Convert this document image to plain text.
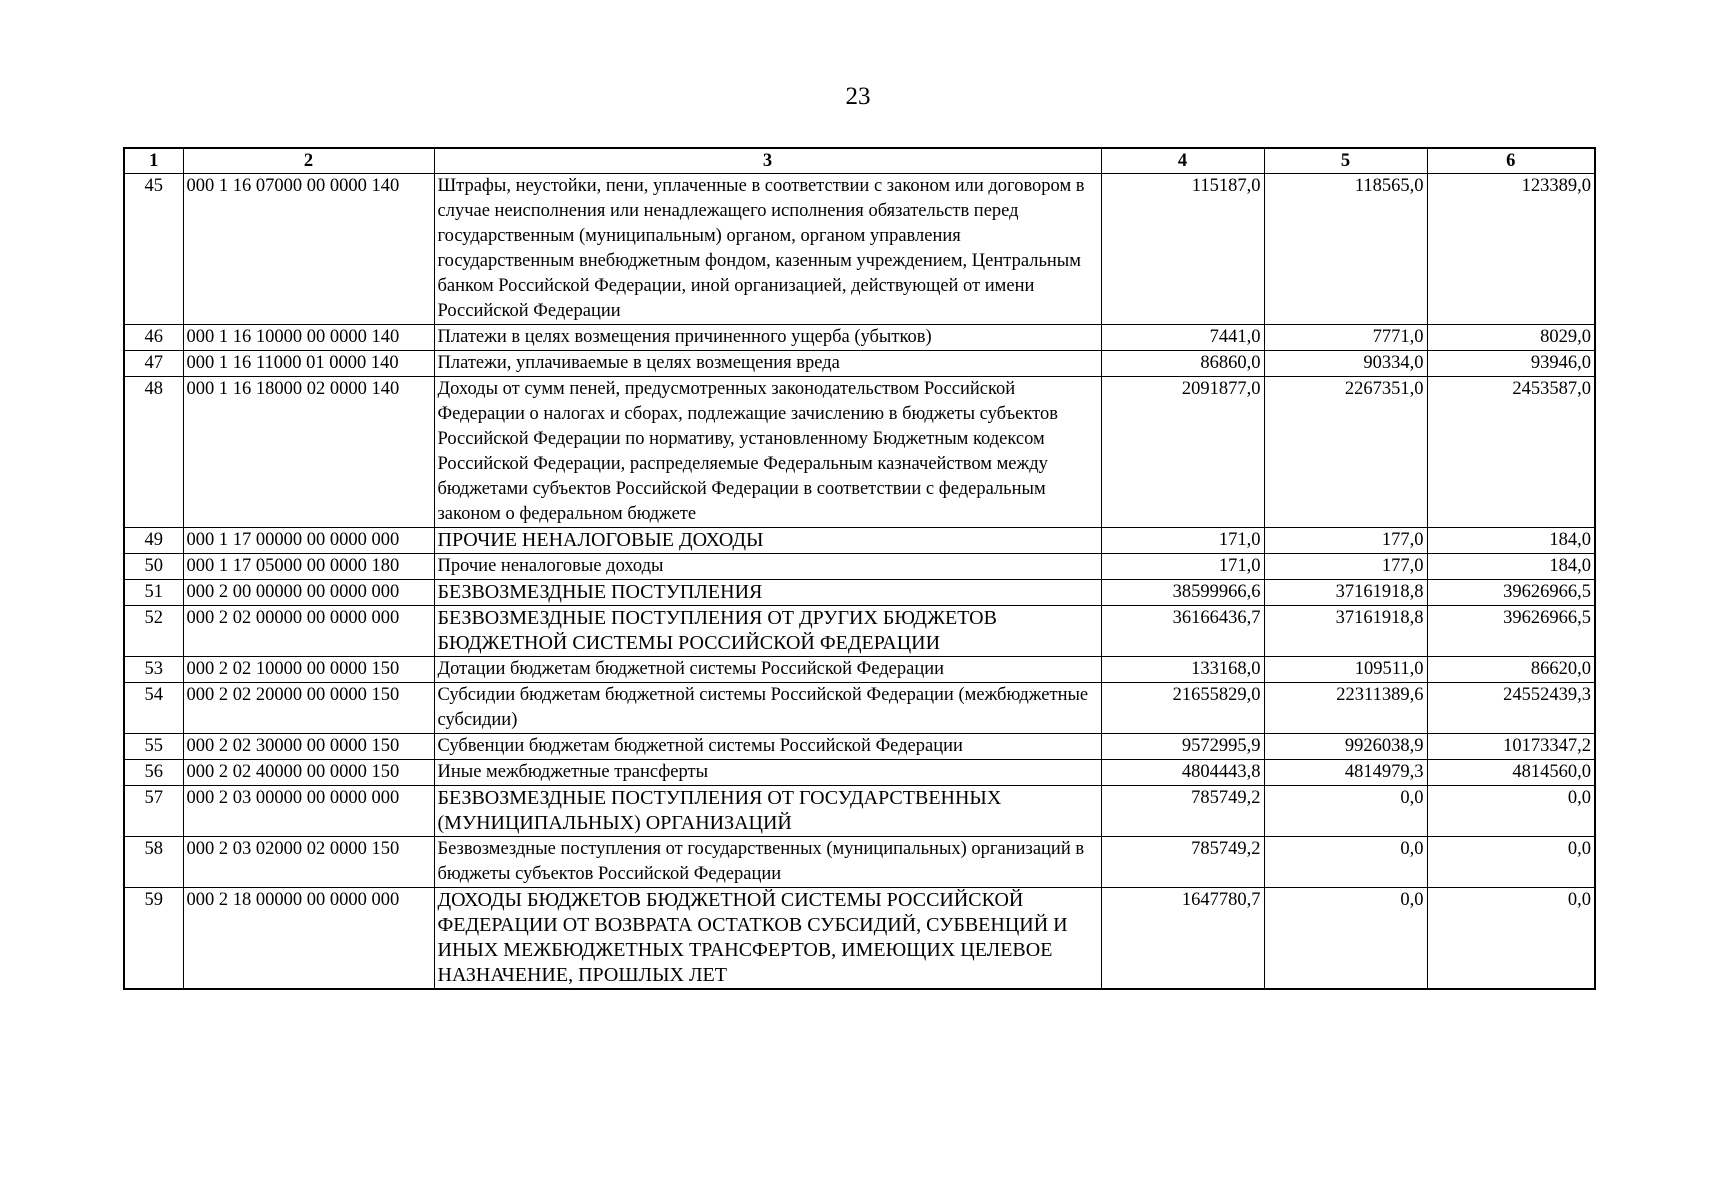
23
1	2	3	4	5	6
45	000 1 16 07000 00 0000 140	Штрафы, неустойки, пени, уплаченные в соответствии с законом или договором в случае неисполнения или ненадлежащего исполнения обязательств перед государственным (муниципальным) органом, органом управления государственным внебюджетным фондом, казенным учреждением, Центральным банком Российской Федерации, иной организацией, действующей от имени Российской Федерации	115187,0	118565,0	123389,0
46	000 1 16 10000 00 0000 140	Платежи в целях возмещения причиненного ущерба (убытков)	7441,0	7771,0	8029,0
47	000 1 16 11000 01 0000 140	Платежи, уплачиваемые в целях возмещения вреда	86860,0	90334,0	93946,0
48	000 1 16 18000 02 0000 140	Доходы от сумм пеней, предусмотренных законодательством Российской Федерации о налогах и сборах, подлежащие зачислению в бюджеты субъектов Российской Федерации по нормативу, установленному Бюджетным кодексом Российской Федерации, распределяемые Федеральным казначейством между бюджетами субъектов Российской Федерации в соответствии с федеральным законом о федеральном бюджете	2091877,0	2267351,0	2453587,0
49	000 1 17 00000 00 0000 000	ПРОЧИЕ НЕНАЛОГОВЫЕ ДОХОДЫ	171,0	177,0	184,0
50	000 1 17 05000 00 0000 180	Прочие неналоговые доходы	171,0	177,0	184,0
51	000 2 00 00000 00 0000 000	БЕЗВОЗМЕЗДНЫЕ ПОСТУПЛЕНИЯ	38599966,6	37161918,8	39626966,5
52	000 2 02 00000 00 0000 000	БЕЗВОЗМЕЗДНЫЕ ПОСТУПЛЕНИЯ ОТ ДРУГИХ БЮДЖЕТОВ БЮДЖЕТНОЙ СИСТЕМЫ РОССИЙСКОЙ ФЕДЕРАЦИИ	36166436,7	37161918,8	39626966,5
53	000 2 02 10000 00 0000 150	Дотации бюджетам бюджетной системы Российской Федерации	133168,0	109511,0	86620,0
54	000 2 02 20000 00 0000 150	Субсидии бюджетам бюджетной системы Российской Федерации (межбюджетные субсидии)	21655829,0	22311389,6	24552439,3
55	000 2 02 30000 00 0000 150	Субвенции бюджетам бюджетной системы Российской Федерации	9572995,9	9926038,9	10173347,2
56	000 2 02 40000 00 0000 150	Иные межбюджетные трансферты	4804443,8	4814979,3	4814560,0
57	000 2 03 00000 00 0000 000	БЕЗВОЗМЕЗДНЫЕ ПОСТУПЛЕНИЯ ОТ ГОСУДАРСТВЕННЫХ (МУНИЦИПАЛЬНЫХ) ОРГАНИЗАЦИЙ	785749,2	0,0	0,0
58	000 2 03 02000 02 0000 150	Безвозмездные поступления от государственных (муниципальных) организаций в бюджеты субъектов Российской Федерации	785749,2	0,0	0,0
59	000 2 18 00000 00 0000 000	ДОХОДЫ БЮДЖЕТОВ БЮДЖЕТНОЙ СИСТЕМЫ РОССИЙСКОЙ ФЕДЕРАЦИИ ОТ ВОЗВРАТА ОСТАТКОВ СУБСИДИЙ, СУБВЕНЦИЙ И ИНЫХ МЕЖБЮДЖЕТНЫХ ТРАНСФЕРТОВ, ИМЕЮЩИХ ЦЕЛЕВОЕ НАЗНАЧЕНИЕ, ПРОШЛЫХ ЛЕТ	1647780,7	0,0	0,0
